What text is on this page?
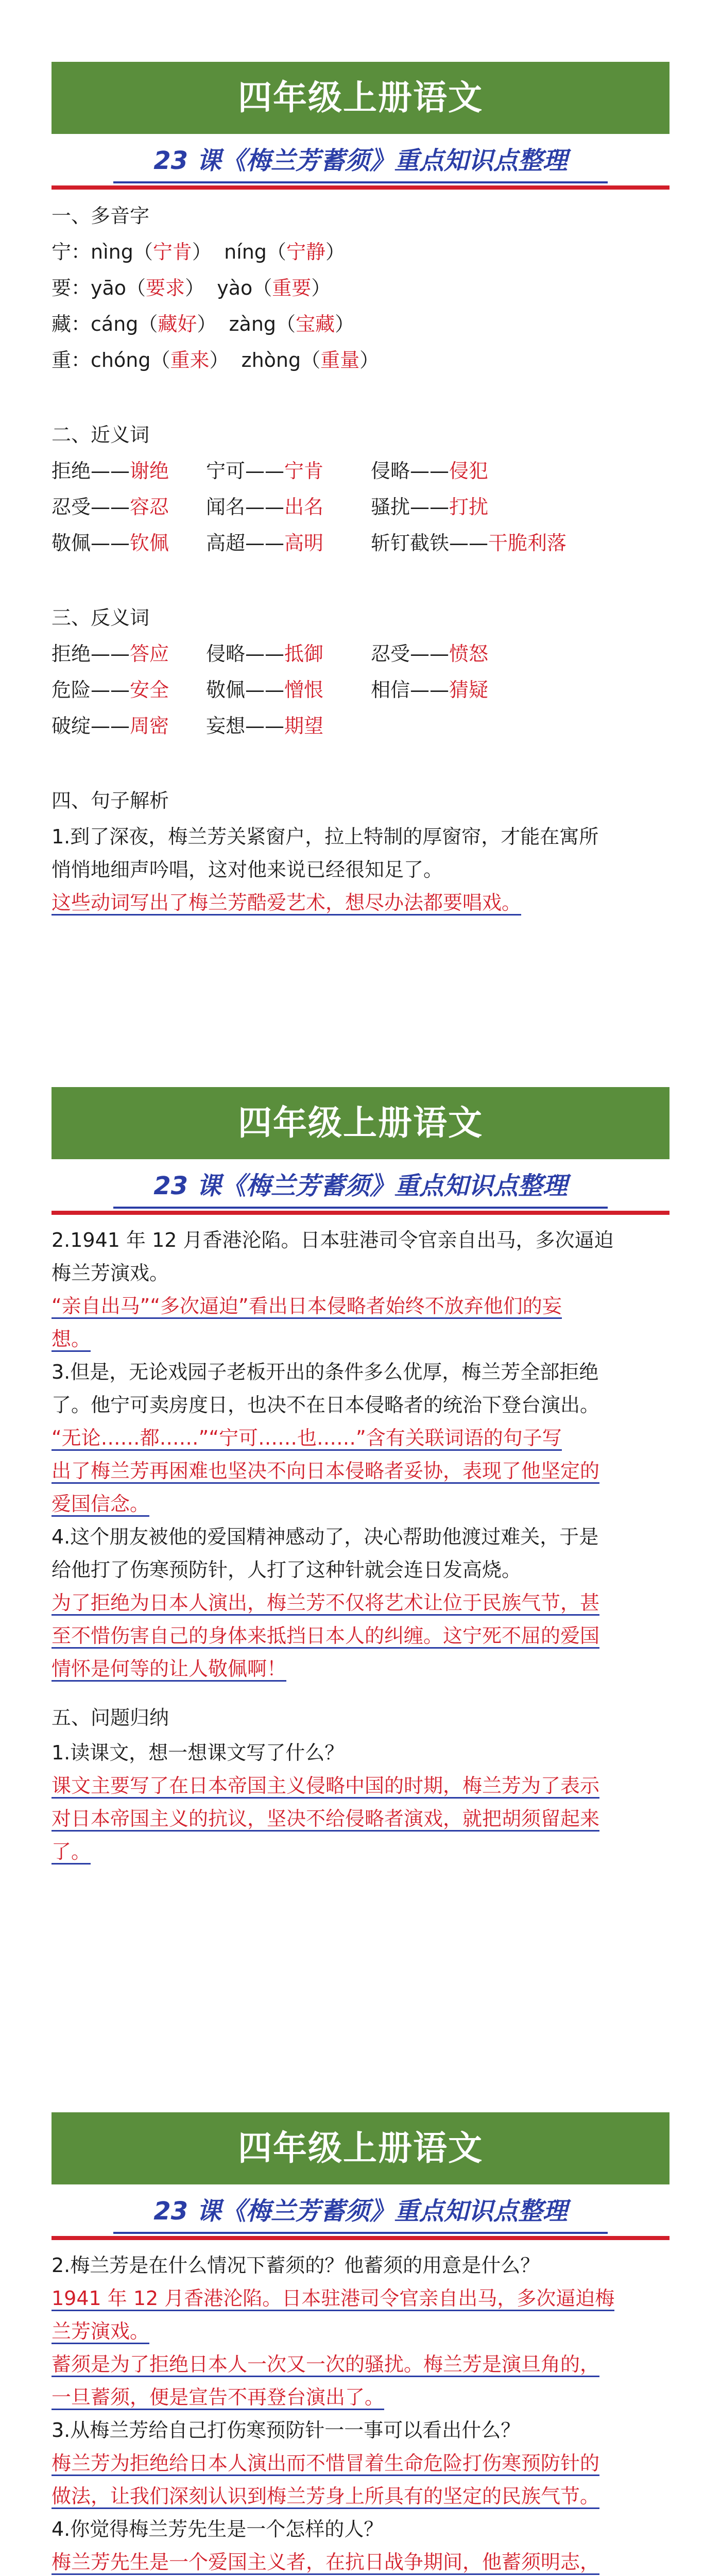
四年级上册语文
23 课《梅兰芳蓄须》重点知识点整理
一、多音字
宁：nìng（宁肯） níng（宁静）
要：yāo（要求） yào（重要）
藏：cáng（藏好） zàng（宝藏）
重：chóng（重来） zhòng（重量）
二、近义词
拒绝——谢绝 宁可——宁肯 侵略——侵犯
忍受——容忍 闻名——出名 骚扰——打扰
敬佩——钦佩 高超——高明 斩钉截铁——干脆利落
三、反义词
拒绝——答应 侵略——抵御 忍受——愤怒
危险——安全 敬佩——憎恨 相信——猜疑
破绽——周密 妄想——期望
四、句子解析
1.到了深夜，梅兰芳关紧窗户，拉上特制的厚窗帘，才能在寓所
悄悄地细声吟唱，这对他来说已经很知足了。
这些动词写出了梅兰芳酷爱艺术，想尽办法都要唱戏。
四年级上册语文
23 课《梅兰芳蓄须》重点知识点整理
2.1941 年 12 月香港沦陷。日本驻港司令官亲自出马，多次逼迫
梅兰芳演戏。
“亲自出马”“多次逼迫”看出日本侵略者始终不放弃他们的妄
想。
3.但是，无论戏园子老板开出的条件多么优厚，梅兰芳全部拒绝
了。他宁可卖房度日，也决不在日本侵略者的统治下登台演出。
“无论……都……”“宁可……也……”含有关联词语的句子写
出了梅兰芳再困难也坚决不向日本侵略者妥协，表现了他坚定的
爱国信念。
4.这个朋友被他的爱国精神感动了，决心帮助他渡过难关，于是
给他打了伤寒预防针，人打了这种针就会连日发高烧。
为了拒绝为日本人演出，梅兰芳不仅将艺术让位于民族气节，甚
至不惜伤害自己的身体来抵挡日本人的纠缠。这宁死不屈的爱国
情怀是何等的让人敬佩啊！
五、问题归纳
1.读课文，想一想课文写了什么？
课文主要写了在日本帝国主义侵略中国的时期，梅兰芳为了表示
对日本帝国主义的抗议，坚决不给侵略者演戏，就把胡须留起来
了。
四年级上册语文
23 课《梅兰芳蓄须》重点知识点整理
2.梅兰芳是在什么情况下蓄须的？他蓄须的用意是什么？
1941 年 12 月香港沦陷。日本驻港司令官亲自出马，多次逼迫梅
兰芳演戏。
蓄须是为了拒绝日本人一次又一次的骚扰。梅兰芳是演旦角的，
一旦蓄须，便是宣告不再登台演出了。
3.从梅兰芳给自己打伤寒预防针一一事可以看出什么？
梅兰芳为拒绝给日本人演出而不惜冒着生命危险打伤寒预防针的
做法，让我们深刻认识到梅兰芳身上所具有的坚定的民族气节。
4.你觉得梅兰芳先生是一个怎样的人？
梅兰芳先生是一个爱国主义者，在抗日战争期间，他蓄须明志，
